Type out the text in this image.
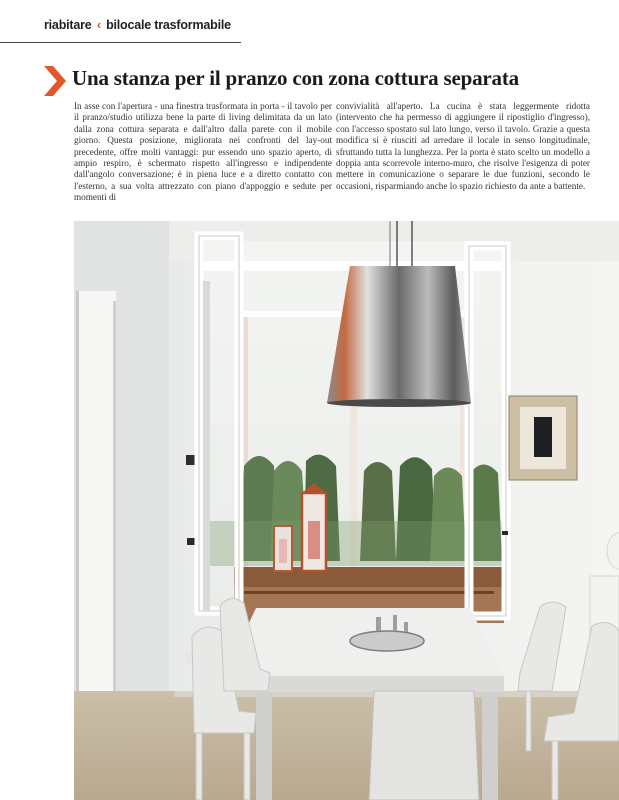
riabitare ‹ bilocale trasformabile
Una stanza per il pranzo con zona cottura separata
In asse con l'apertura - una finestra trasformata in porta - il tavolo per il pranzo/studio utilizza bene la parte di living delimitata da un lato dalla zona cottura separata e dall'altro dalla parete con il mobile giorno. Questa posizione, migliorata nei confronti del lay-out precedente, offre molti vantaggi: pur essendo uno spazio aperto, di ampio respiro, è schermato rispetto all'ingresso e indipendente dall'angolo conversazione; è in piena luce e a diretto contatto con l'esterno, a sua volta attrezzato con piano d'appoggio e sedute per momenti di
convivialità all'aperto. La cucina è stata leggermente ridotta (intervento che ha permesso di aggiungere il ripostiglio d'ingresso), con l'accesso spostato sul lato lungo, verso il tavolo. Grazie a questa modifica si è riusciti ad arredare il locale in senso longitudinale, sfruttando tutta la lunghezza. Per la porta è stato scelto un modello a doppia anta scorrevole interno-muro, che risolve l'esigenza di poter mettere in comunicazione o separare le due funzioni, secondo le occasioni, risparmiando anche lo spazio richiesto da ante a battente.
